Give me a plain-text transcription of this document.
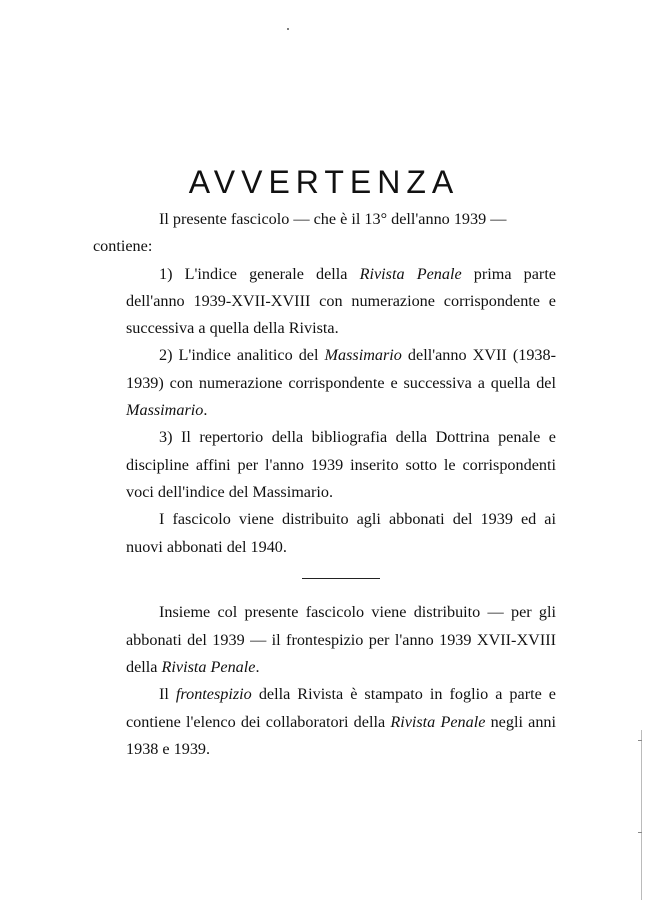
AVVERTENZA

Il presente fascicolo — che è il 13° dell'anno 1939 —
contiene:

1) L'indice generale della Rivista Penale prima parte dell'anno 1939-XVII-XVIII con numerazione corrispondente e successiva a quella della Rivista.

2) L'indice analitico del Massimario dell'anno XVII (1938-1939) con numerazione corrispondente e successiva a quella del Massimario.

3) Il repertorio della bibliografia della Dottrina penale e discipline affini per l'anno 1939 inserito sotto le corrispondenti voci dell'indice del Massimario.

I fascicolo viene distribuito agli abbonati del 1939 ed ai nuovi abbonati del 1940.

Insieme col presente fascicolo viene distribuito — per gli abbonati del 1939 — il frontespizio per l'anno 1939 XVII-XVIII della Rivista Penale.

Il frontespizio della Rivista è stampato in foglio a parte e contiene l'elenco dei collaboratori della Rivista Penale negli anni 1938 e 1939.
